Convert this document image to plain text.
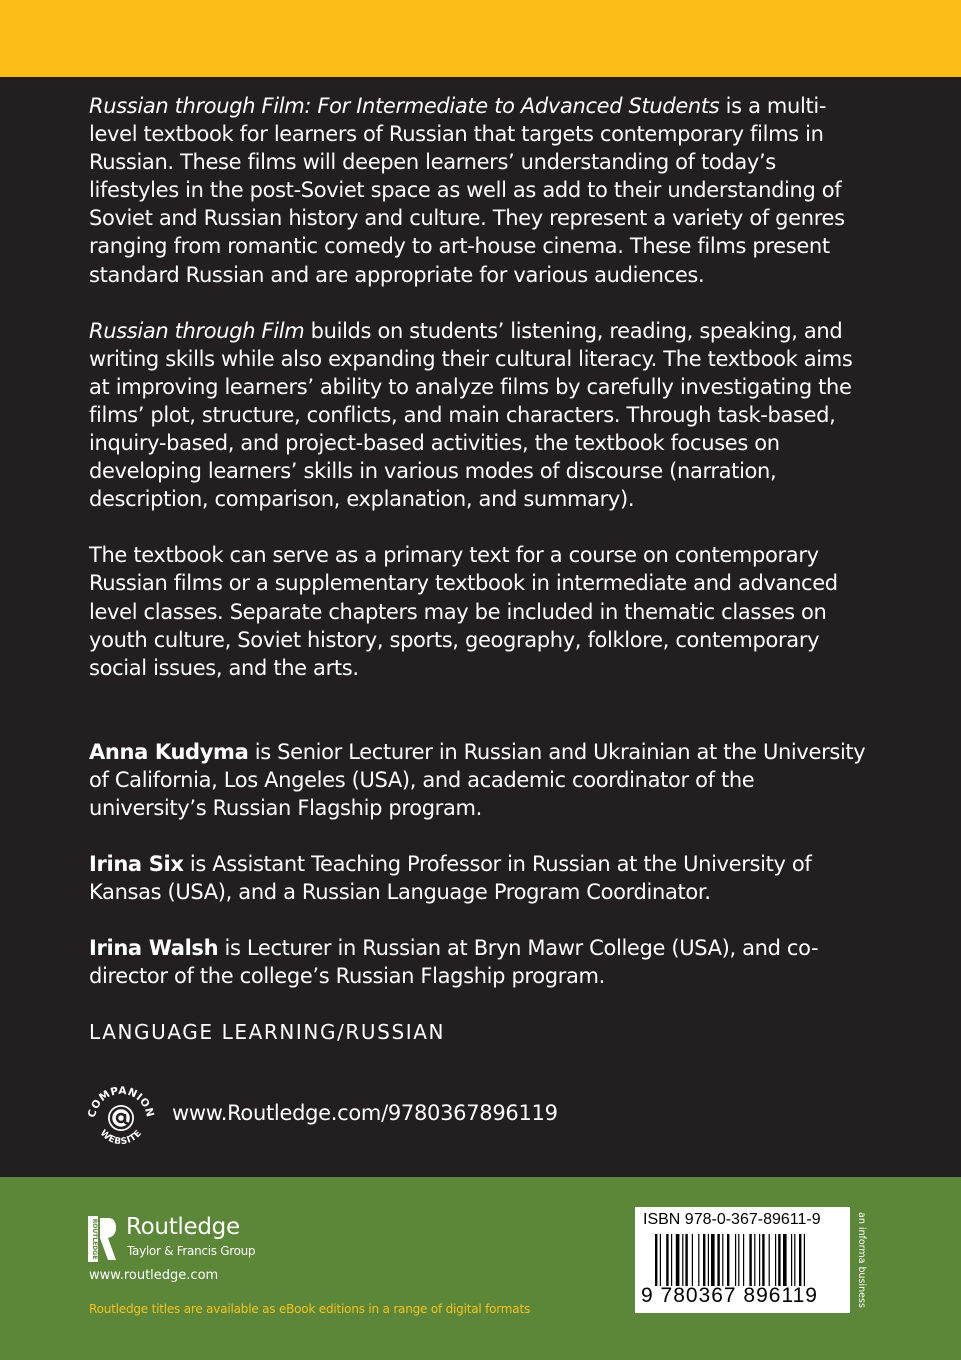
Russian through Film: For Intermediate to Advanced Students is a multi-level textbook for learners of Russian that targets contemporary films in Russian. These films will deepen learners’ understanding of today’s lifestyles in the post-Soviet space as well as add to their understanding of Soviet and Russian history and culture. They represent a variety of genres ranging from romantic comedy to art-house cinema. These films present standard Russian and are appropriate for various audiences.

Russian through Film builds on students’ listening, reading, speaking, and writing skills while also expanding their cultural literacy. The textbook aims at improving learners’ ability to analyze films by carefully investigating the films’ plot, structure, conflicts, and main characters. Through task-based, inquiry-based, and project-based activities, the textbook focuses on developing learners’ skills in various modes of discourse (narration, description, comparison, explanation, and summary).

The textbook can serve as a primary text for a course on contemporary Russian films or a supplementary textbook in intermediate and advanced level classes. Separate chapters may be included in thematic classes on youth culture, Soviet history, sports, geography, folklore, contemporary social issues, and the arts.

Anna Kudyma is Senior Lecturer in Russian and Ukrainian at the University of California, Los Angeles (USA), and academic coordinator of the university’s Russian Flagship program.

Irina Six is Assistant Teaching Professor in Russian at the University of Kansas (USA), and a Russian Language Program Coordinator.

Irina Walsh is Lecturer in Russian at Bryn Mawr College (USA), and co-director of the college’s Russian Flagship program.

LANGUAGE LEARNING/RUSSIAN
COMPANION
WEBSITE
www.Routledge.com/9780367896119
ROUTLEDGE Routledge
Taylor & Francis Group
www.routledge.com
Routledge titles are available as eBook editions in a range of digital formats
ISBN 978-0-367-89611-9
9 780367 896119	an informa business
